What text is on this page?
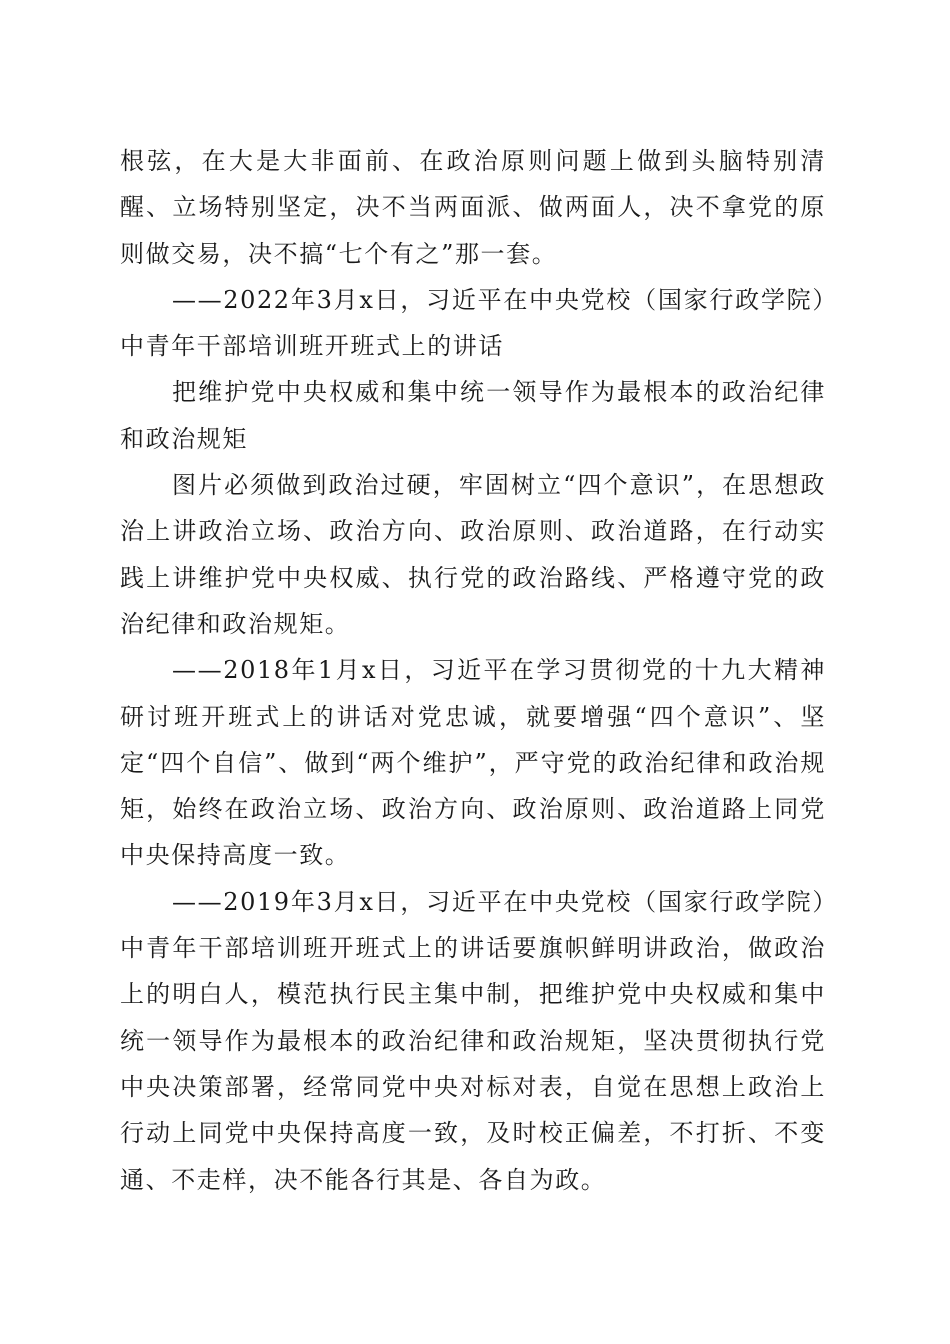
根弦，在大是大非面前、在政治原则问题上做到头脑特别清醒、立场特别坚定，决不当两面派、做两面人，决不拿党的原则做交易，决不搞“七个有之”那一套。

——2022年3月x日，习近平在中央党校（国家行政学院）中青年干部培训班开班式上的讲话

把维护党中央权威和集中统一领导作为最根本的政治纪律和政治规矩

图片必须做到政治过硬，牢固树立“四个意识”，在思想政治上讲政治立场、政治方向、政治原则、政治道路，在行动实践上讲维护党中央权威、执行党的政治路线、严格遵守党的政治纪律和政治规矩。

——2018年1月x日，习近平在学习贯彻党的十九大精神研讨班开班式上的讲话对党忠诚，就要增强“四个意识”、坚定“四个自信”、做到“两个维护”，严守党的政治纪律和政治规矩，始终在政治立场、政治方向、政治原则、政治道路上同党中央保持高度一致。

——2019年3月x日，习近平在中央党校（国家行政学院）中青年干部培训班开班式上的讲话要旗帜鲜明讲政治，做政治上的明白人，模范执行民主集中制，把维护党中央权威和集中统一领导作为最根本的政治纪律和政治规矩，坚决贯彻执行党中央决策部署，经常同党中央对标对表，自觉在思想上政治上行动上同党中央保持高度一致，及时校正偏差，不打折、不变通、不走样，决不能各行其是、各自为政。
